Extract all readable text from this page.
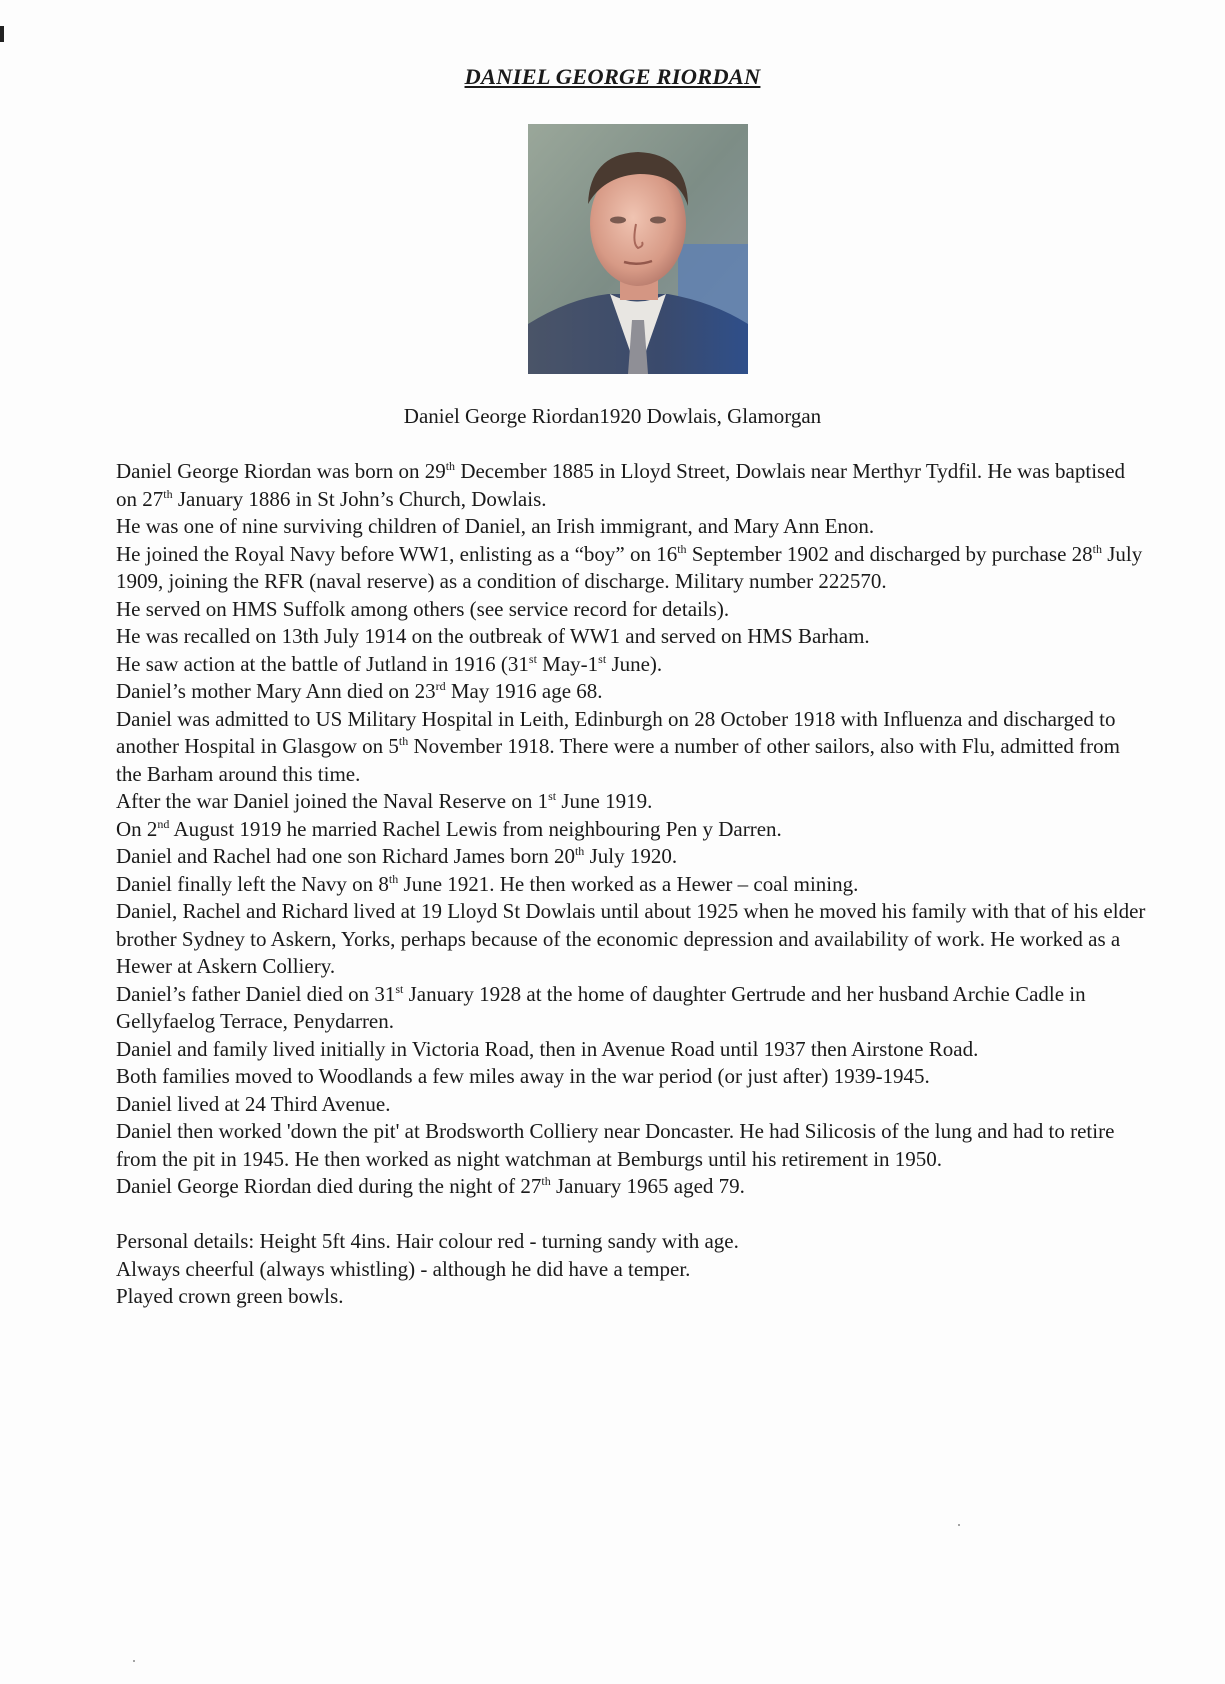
DANIEL GEORGE RIORDAN
Daniel George Riordan1920 Dowlais, Glamorgan

Daniel George Riordan was born on 29th December 1885 in Lloyd Street, Dowlais near Merthyr Tydfil. He was baptised on 27th January 1886 in St John’s Church, Dowlais.

He was one of nine surviving children of Daniel, an Irish immigrant, and Mary Ann Enon.

He joined the Royal Navy before WW1, enlisting as a “boy” on 16th September 1902 and discharged by purchase 28th July 1909, joining the RFR (naval reserve) as a condition of discharge. Military number 222570.

He served on HMS Suffolk among others (see service record for details).

He was recalled on 13th July 1914 on the outbreak of WW1 and served on HMS Barham.

He saw action at the battle of Jutland in 1916 (31st May-1st June).

Daniel’s mother Mary Ann died on 23rd May 1916 age 68.

Daniel was admitted to US Military Hospital in Leith, Edinburgh on 28 October 1918 with Influenza and discharged to another Hospital in Glasgow on 5th November 1918. There were a number of other sailors, also with Flu, admitted from the Barham around this time.

After the war Daniel joined the Naval Reserve on 1st June 1919.

On 2nd August 1919 he married Rachel Lewis from neighbouring Pen y Darren.

Daniel and Rachel had one son Richard James born 20th July 1920.

Daniel finally left the Navy on 8th June 1921. He then worked as a Hewer – coal mining.

Daniel, Rachel and Richard lived at 19 Lloyd St Dowlais until about 1925 when he moved his family with that of his elder brother Sydney to Askern, Yorks, perhaps because of the economic depression and availability of work. He worked as a Hewer at Askern Colliery.

Daniel’s father Daniel died on 31st January 1928 at the home of daughter Gertrude and her husband Archie Cadle in Gellyfaelog Terrace, Penydarren.

Daniel and family lived initially in Victoria Road, then in Avenue Road until 1937 then Airstone Road.

Both families moved to Woodlands a few miles away in the war period (or just after) 1939-1945.

Daniel lived at 24 Third Avenue.

Daniel then worked 'down the pit' at Brodsworth Colliery near Doncaster. He had Silicosis of the lung and had to retire from the pit in 1945. He then worked as night watchman at Bemburgs until his retirement in 1950.

Daniel George Riordan died during the night of 27th January 1965 aged 79.

Personal details: Height 5ft 4ins. Hair colour red - turning sandy with age.

Always cheerful (always whistling) - although he did have a temper.

Played crown green bowls.
